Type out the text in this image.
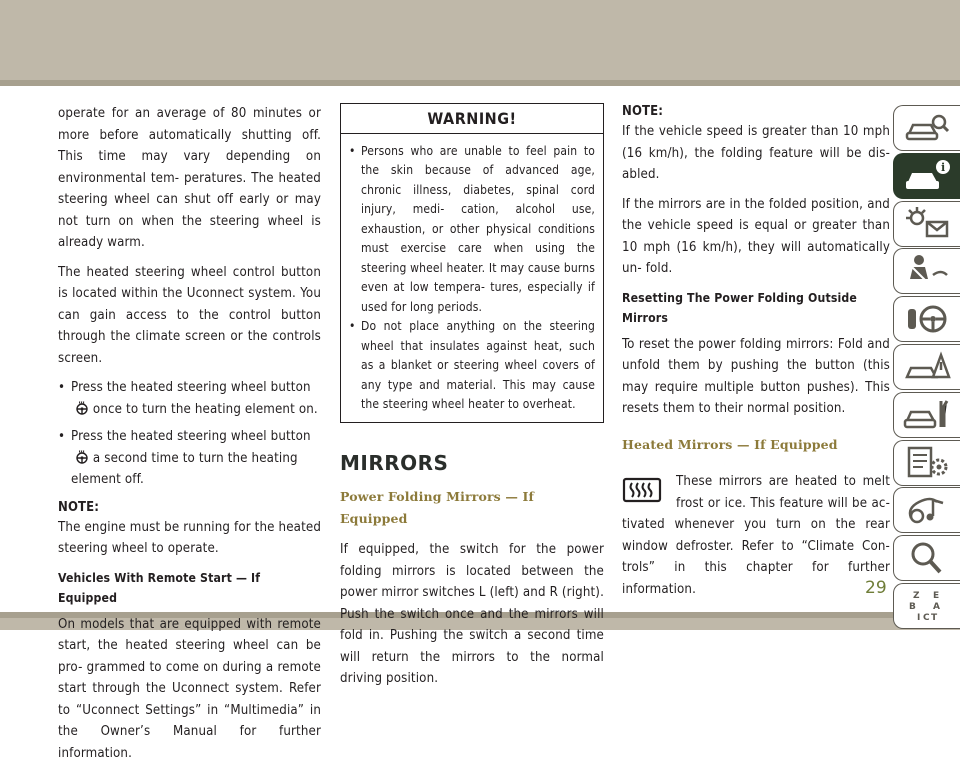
operate for an average of 80 minutes or more before automatically shutting off. This time may vary depending on environmental tem- peratures. The heated steering wheel can shut off early or may not turn on when the steering wheel is already warm.

The heated steering wheel control button is located within the Uconnect system. You can gain access to the control button through the climate screen or the controls screen.

• Press the heated steering wheel button  once to turn the heating element on.
• Press the heated steering wheel button  a second time to turn the heating element off.
NOTE:

The engine must be running for the heated steering wheel to operate.

Vehicles With Remote Start — If Equipped

On models that are equipped with remote start, the heated steering wheel can be pro- grammed to come on during a remote start through the Uconnect system. Refer to “Uconnect Settings” in “Multimedia” in the Owner’s Manual for further information.

WARNING!
• Persons who are unable to feel pain to the skin because of advanced age, chronic illness, diabetes, spinal cord injury, medi- cation, alcohol use, exhaustion, or other physical conditions must exercise care when using the steering wheel heater. It may cause burns even at low tempera- tures, especially if used for long periods.
• Do not place anything on the steering wheel that insulates against heat, such as a blanket or steering wheel covers of any type and material. This may cause the steering wheel heater to overheat.
MIRRORS
Power Folding Mirrors — If Equipped

If equipped, the switch for the power folding mirrors is located between the power mirror switches L (left) and R (right). Push the switch once and the mirrors will fold in. Pushing the switch a second time will return the mirrors to the normal driving position.

NOTE:

If the vehicle speed is greater than 10 mph (16 km/h), the folding feature will be dis- abled.

If the mirrors are in the folded position, and the vehicle speed is equal or greater than 10 mph (16 km/h), they will automatically un- fold.

Resetting The Power Folding Outside Mirrors

To reset the power folding mirrors: Fold and unfold them by pushing the button (this may require multiple button pushes). This resets them to their normal position.

Heated Mirrors — If Equipped

These mirrors are heated to melt frost or ice. This feature will be ac- tivated whenever you turn on the rear window defroster. Refer to “Climate Con- trols” in this chapter for further information.

i
Z E
B A
I C T
29
